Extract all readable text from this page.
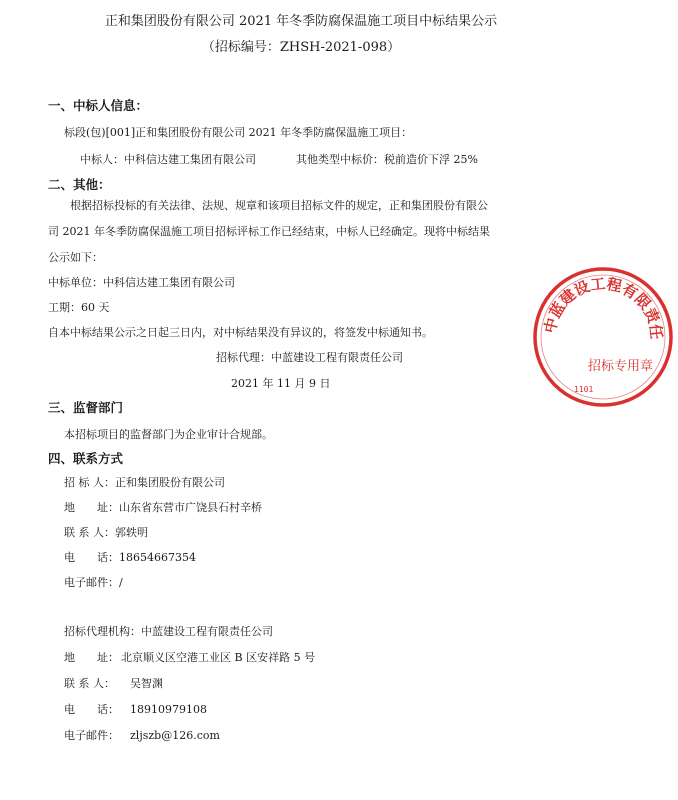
正和集团股份有限公司 2021 年冬季防腐保温施工项目中标结果公示
（招标编号：ZHSH-2021-098）
一、中标人信息：
标段(包)[001]正和集团股份有限公司 2021 年冬季防腐保温施工项目：
中标人：中科信达建工集团有限公司	其他类型中标价：税前造价下浮 25%
二、其他：
根据招标投标的有关法律、法规、规章和该项目招标文件的规定，正和集团股份有限公司 2021 年冬季防腐保温施工项目招标评标工作已经结束，中标人已经确定。现将中标结果公示如下：
中标单位：中科信达建工集团有限公司
工期：60 天
自本中标结果公示之日起三日内，对中标结果没有异议的，将签发中标通知书。
招标代理：中蓝建设工程有限责任公司
2021 年 11 月 9 日
三、监督部门
本招标项目的监督部门为企业审计合规部。
四、联系方式
招 标 人：正和集团股份有限公司
地　　址：山东省东营市广饶县石村辛桥
联 系 人：郭轶明
电　　话：18654667354
电子邮件：/
招标代理机构：中蓝建设工程有限责任公司
地　　址： 北京顺义区空港工业区 B 区安祥路 5 号
联 系 人： 吴智渊
电　　话： 18910979108
电子邮件： zljszb@126.com
中蓝建设工程有限责任
招标专用章
1101
